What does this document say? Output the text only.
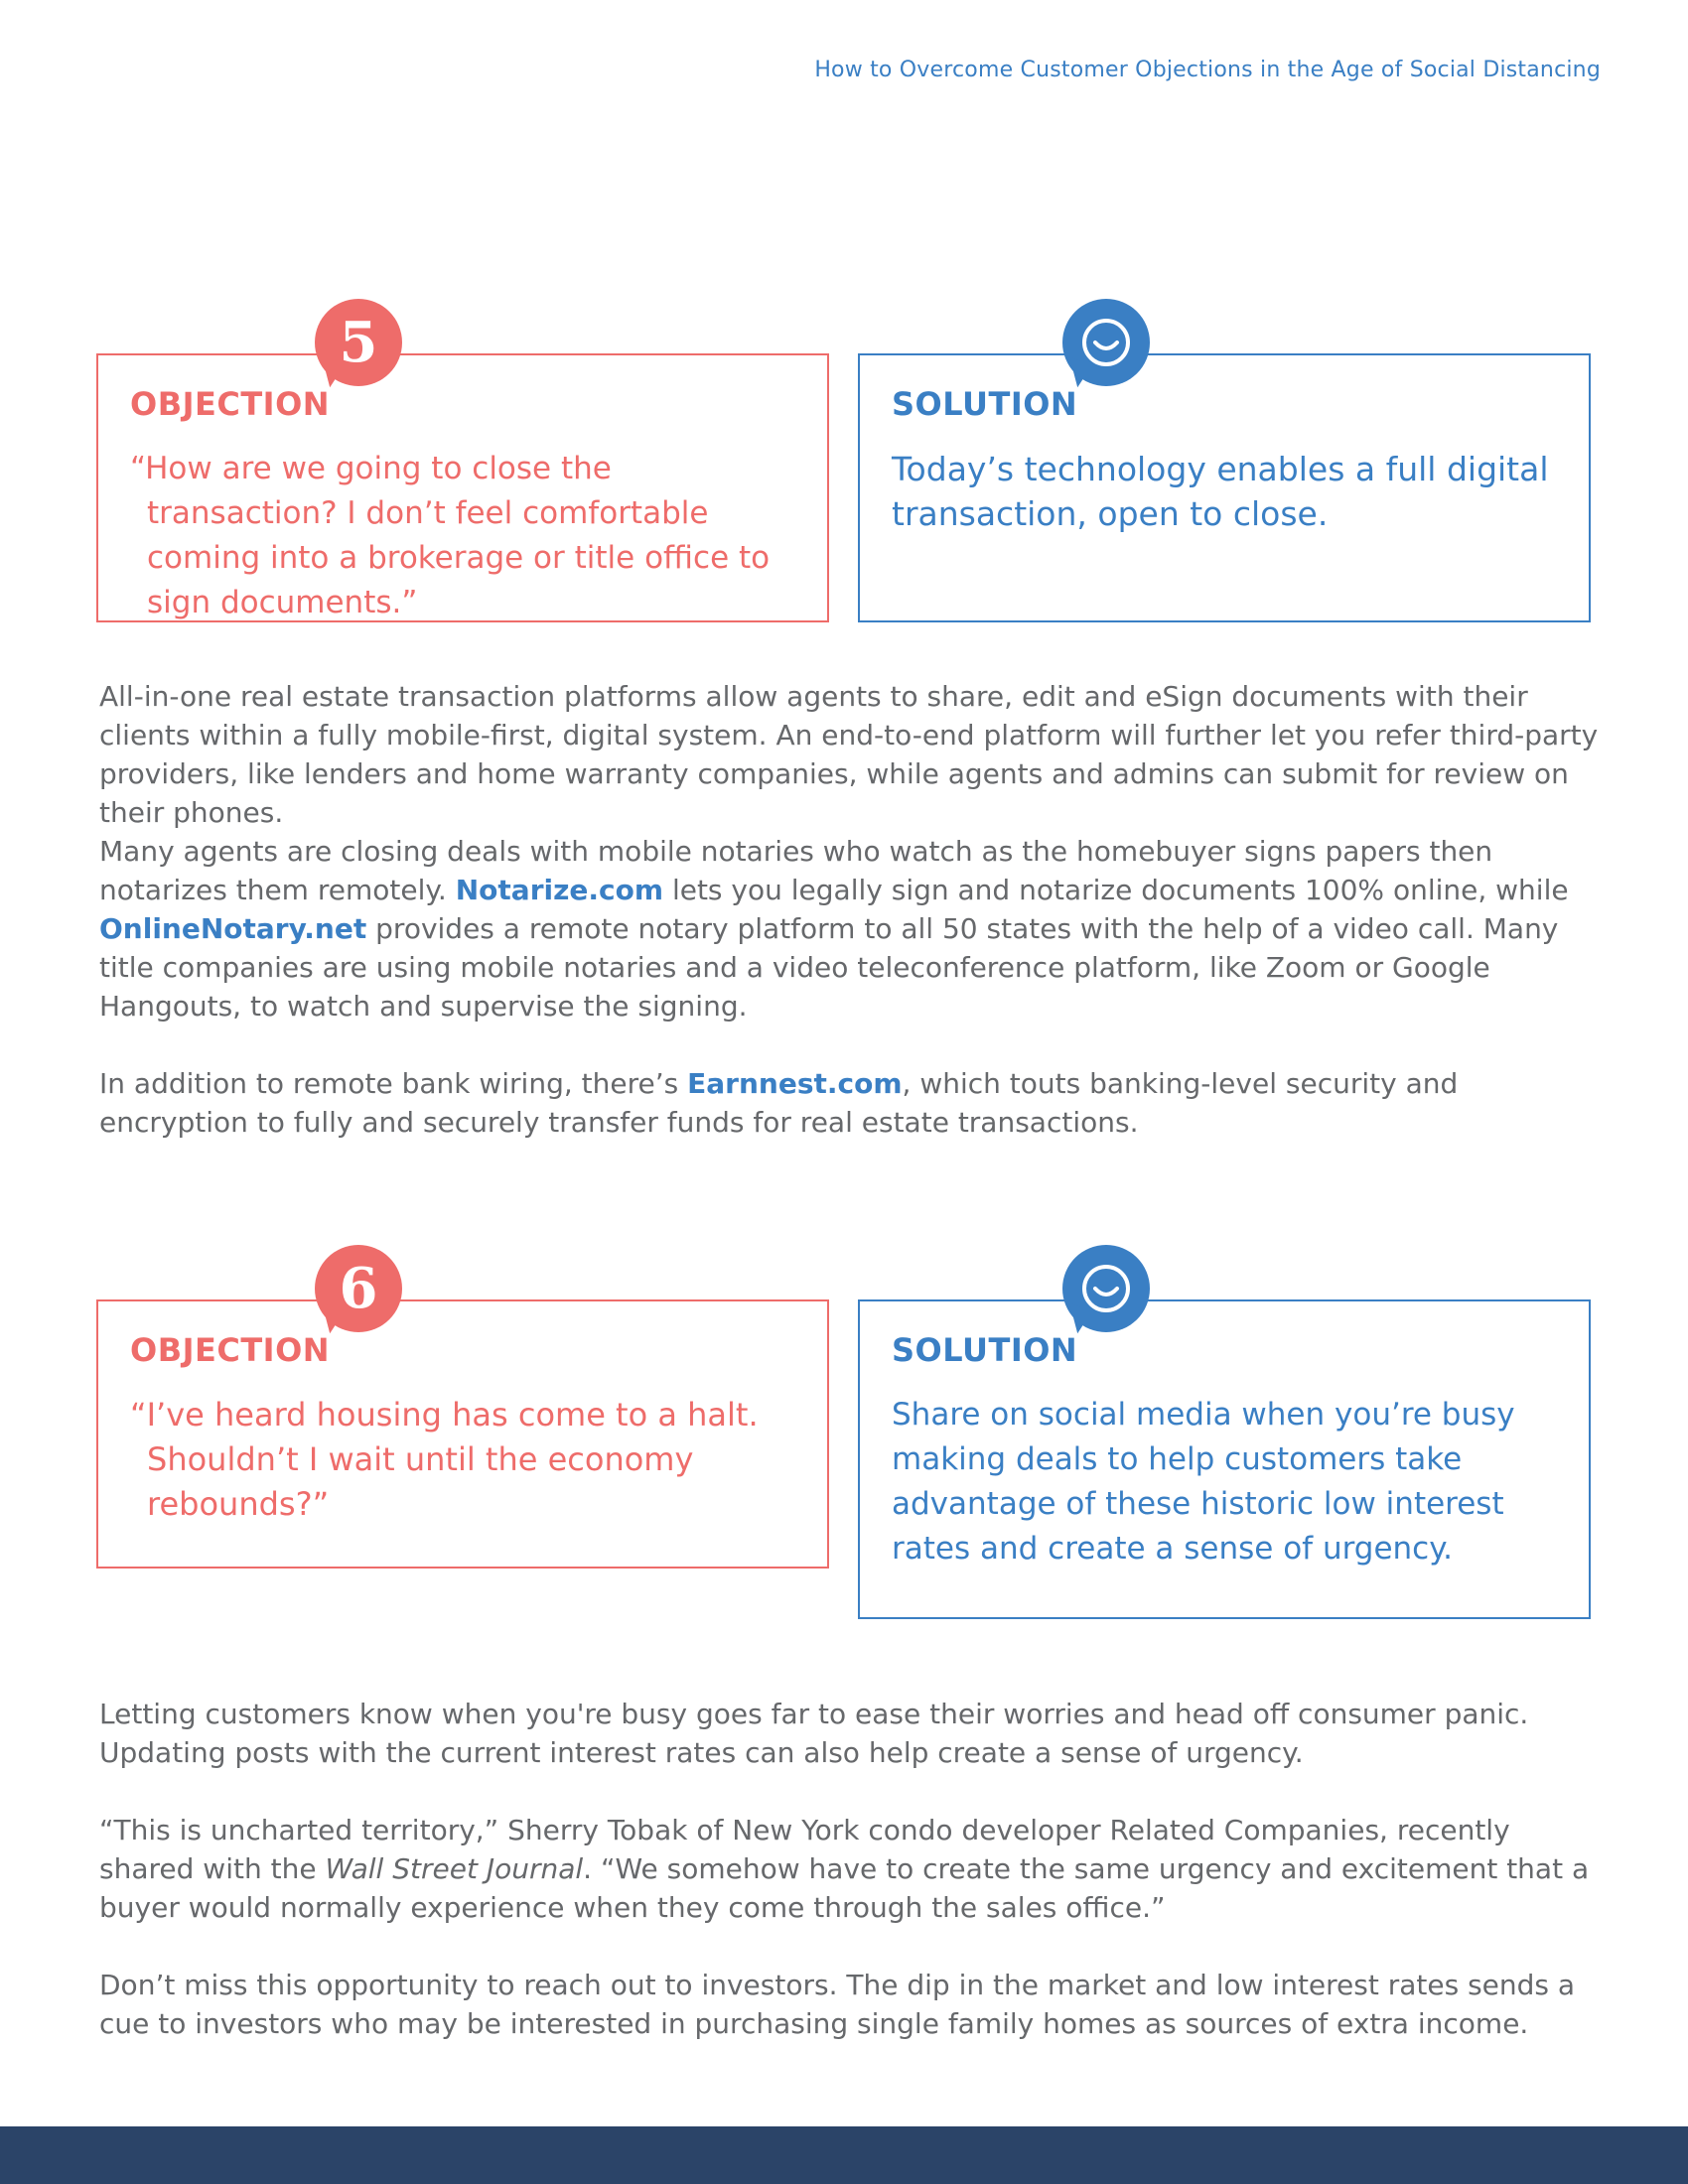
How to Overcome Customer Objections in the Age of Social Distancing

OBJECTION

“How are we going to close the transaction? I don’t feel comfortable coming into a brokerage or title office to sign documents.”

5

SOLUTION

Today’s technology enables a full digital transaction, open to close.

All-in-one real estate transaction platforms allow agents to share, edit and eSign documents with their clients within a fully mobile-first, digital system. An end-to-end platform will further let you refer third-party providers, like lenders and home warranty companies, while agents and admins can submit for review on their phones.

Many agents are closing deals with mobile notaries who watch as the homebuyer signs papers then notarizes them remotely. Notarize.com lets you legally sign and notarize documents 100% online, while OnlineNotary.net provides a remote notary platform to all 50 states with the help of a video call. Many title companies are using mobile notaries and a video teleconference platform, like Zoom or Google Hangouts, to watch and supervise the signing.

In addition to remote bank wiring, there’s Earnnest.com, which touts banking-level security and encryption to fully and securely transfer funds for real estate transactions.

OBJECTION

“I’ve heard housing has come to a halt. Shouldn’t I wait until the economy rebounds?”

6

SOLUTION

Share on social media when you’re busy making deals to help customers take advantage of these historic low interest rates and create a sense of urgency.

Letting customers know when you're busy goes far to ease their worries and head off consumer panic. Updating posts with the current interest rates can also help create a sense of urgency.

“This is uncharted territory,” Sherry Tobak of New York condo developer Related Companies, recently shared with the Wall Street Journal. “We somehow have to create the same urgency and excitement that a buyer would normally experience when they come through the sales office.”

Don’t miss this opportunity to reach out to investors. The dip in the market and low interest rates sends a cue to investors who may be interested in purchasing single family homes as sources of extra income.
